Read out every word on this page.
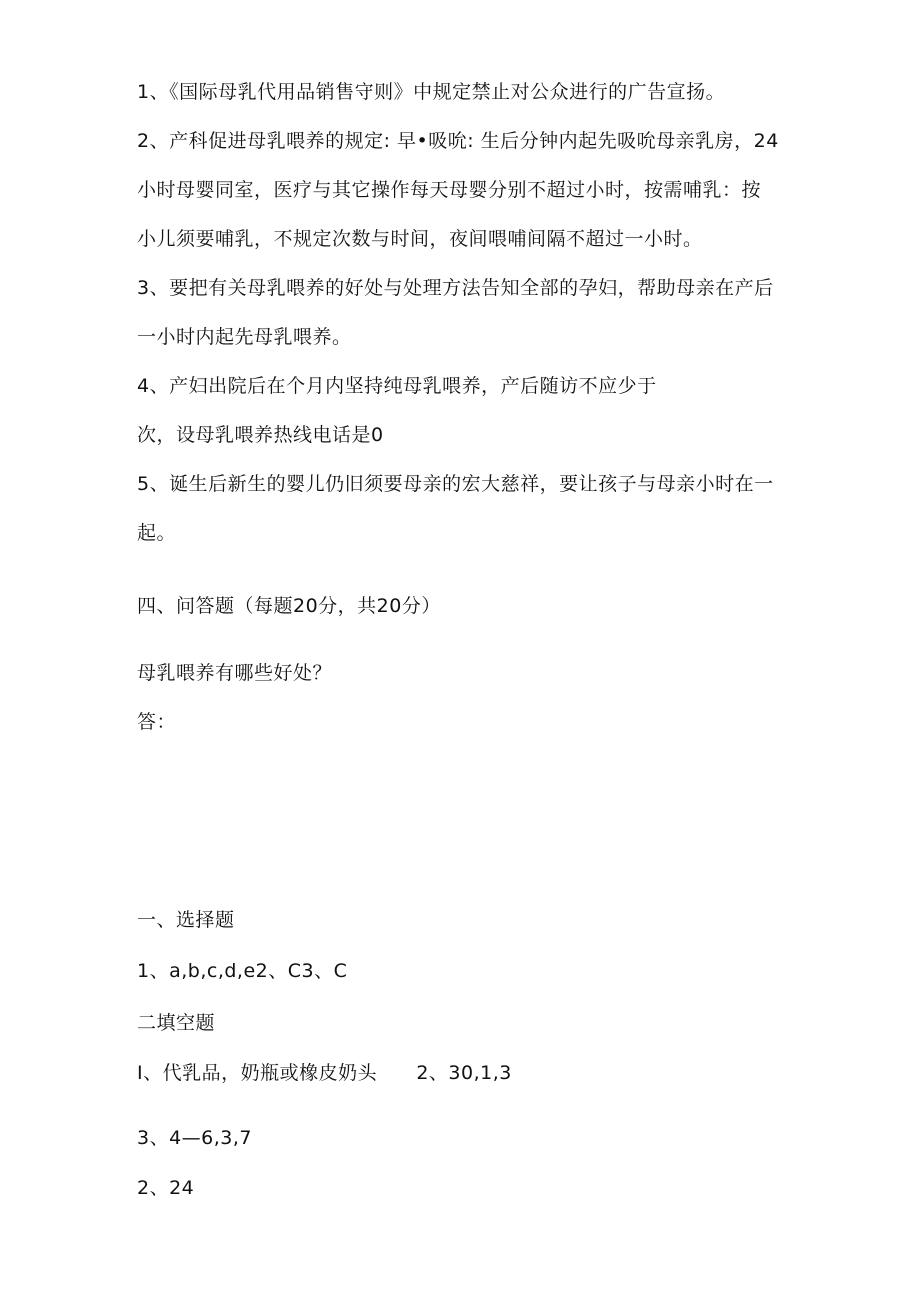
1、《国际母乳代用品销售守则》中规定禁止对公众进行的广告宣扬。
2、产科促进母乳喂养的规定: 早•吸吮: 生后分钟内起先吸吮母亲乳房，24
小时母婴同室，医疗与其它操作每天母婴分别不超过小时，按需哺乳：按
小儿须要哺乳，不规定次数与时间，夜间喂哺间隔不超过一小时。
3、要把有关母乳喂养的好处与处理方法告知全部的孕妇，帮助母亲在产后
一小时内起先母乳喂养。
4、产妇出院后在个月内坚持纯母乳喂养，产后随访不应少于
次，设母乳喂养热线电话是0
5、诞生后新生的婴儿仍旧须要母亲的宏大慈祥，要让孩子与母亲小时在一
起。
四、问答题（每题20分，共20分）
母乳喂养有哪些好处？
答：
一、选择题
1、a,b,c,d,e2、C3、C
二填空题
I、代乳品，奶瓶或橡皮奶头      2、30,1,3
3、4—6,3,7
2、24
